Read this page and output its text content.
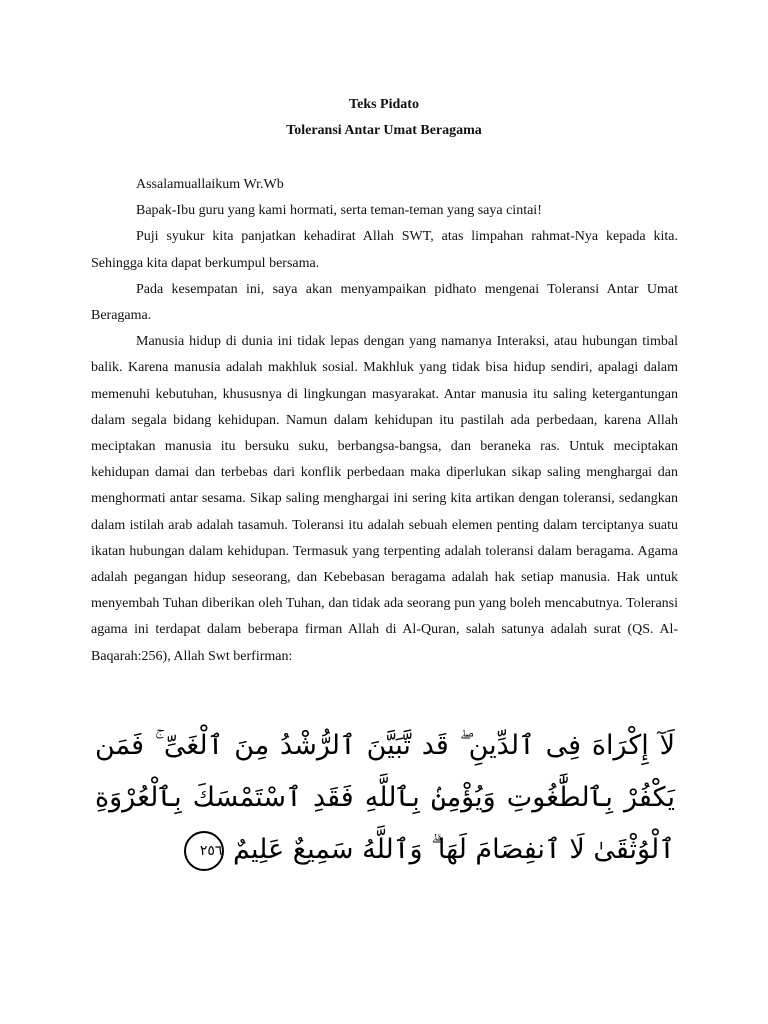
Teks Pidato
Toleransi Antar Umat Beragama

Assalamuallaikum Wr.Wb

Bapak-Ibu guru yang kami hormati, serta teman-teman yang saya cintai!

Puji syukur kita panjatkan kehadirat Allah SWT, atas limpahan rahmat-Nya kepada kita. Sehingga kita dapat berkumpul bersama.

Pada kesempatan ini, saya akan menyampaikan pidhato mengenai Toleransi Antar Umat Beragama.

Manusia hidup di dunia ini tidak lepas dengan yang namanya Interaksi, atau hubungan timbal balik. Karena manusia adalah makhluk sosial. Makhluk yang tidak bisa hidup sendiri, apalagi dalam memenuhi kebutuhan, khususnya di lingkungan masyarakat. Antar manusia itu saling ketergantungan dalam segala bidang kehidupan. Namun dalam kehidupan itu pastilah ada perbedaan, karena Allah meciptakan manusia itu bersuku suku, berbangsa-bangsa, dan beraneka ras. Untuk meciptakan kehidupan damai dan terbebas dari konflik perbedaan maka diperlukan sikap saling menghargai dan menghormati antar sesama. Sikap saling menghargai ini sering kita artikan dengan toleransi, sedangkan dalam istilah arab adalah tasamuh. Toleransi itu adalah sebuah elemen penting dalam terciptanya suatu ikatan hubungan dalam kehidupan. Termasuk yang terpenting adalah toleransi dalam beragama. Agama adalah pegangan hidup seseorang, dan Kebebasan beragama adalah hak setiap manusia. Hak untuk menyembah Tuhan diberikan oleh Tuhan, dan tidak ada seorang pun yang boleh mencabutnya. Toleransi agama ini terdapat dalam beberapa firman Allah di Al-Quran, salah satunya adalah surat (QS. Al-Baqarah:256), Allah Swt berfirman:

لَآ إِكْرَاهَ فِى ٱلدِّينِ ۖ قَد تَّبَيَّنَ ٱلرُّشْدُ مِنَ ٱلْغَىِّ ۚ فَمَن يَكْفُرْ بِٱلطَّٰغُوتِ وَيُؤْمِنۢ بِٱللَّهِ فَقَدِ ٱسْتَمْسَكَ بِٱلْعُرْوَةِ ٱلْوُثْقَىٰ لَا ٱنفِصَامَ لَهَا ۗ وَٱللَّهُ سَمِيعٌ عَلِيمٌ ٢٥٦
